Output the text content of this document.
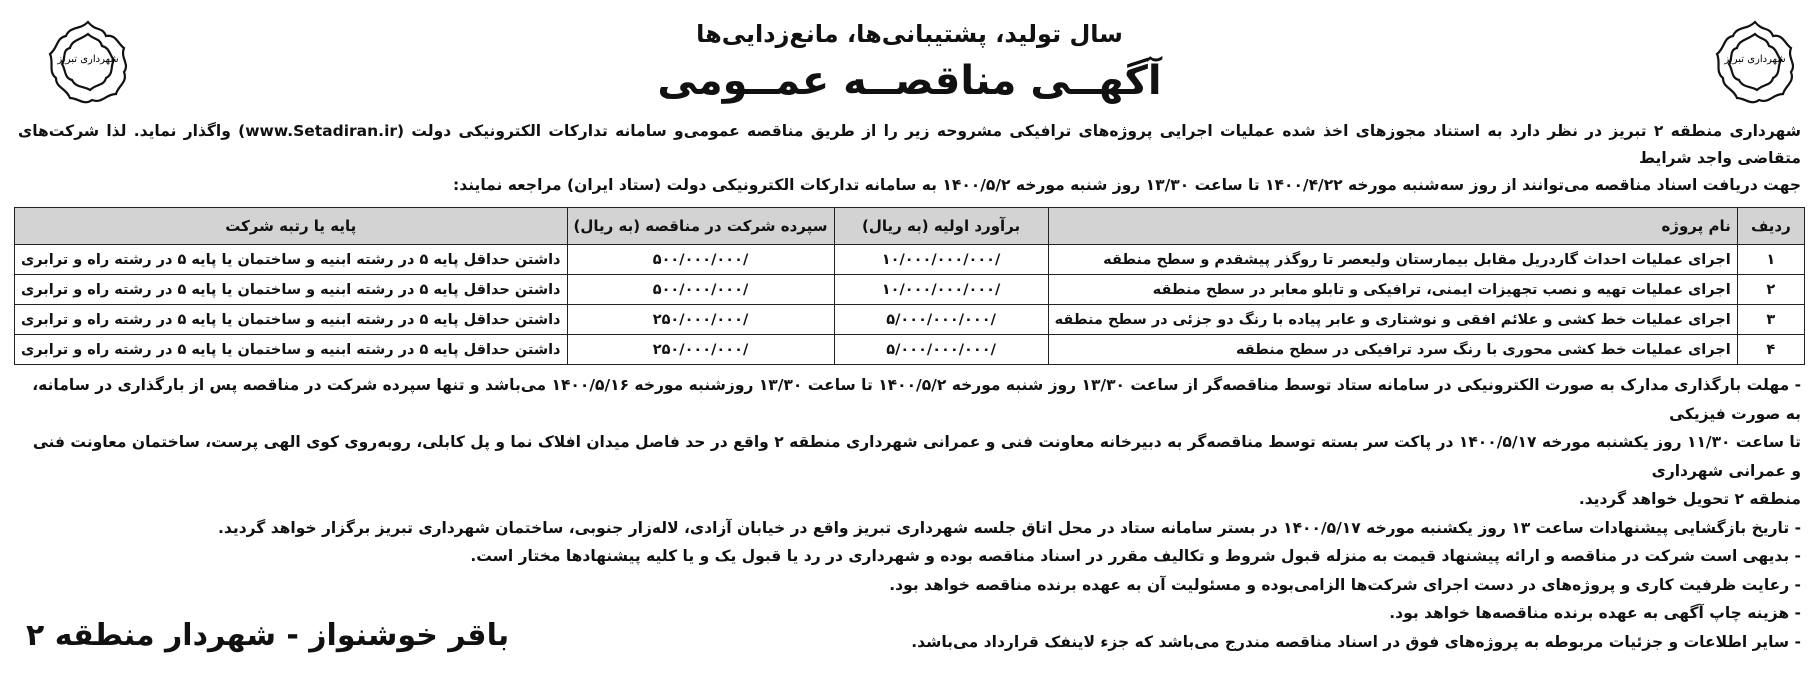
شهرداری تبریز
شهرداری تبریز
سال تولید، پشتیبانی‌ها، مانع‌زدایی‌ها
آگهــی مناقصــه عمــومی
شهرداری منطقه ۲ تبریز در نظر دارد به استناد مجوزهای اخذ شده عملیات اجرایی پروژه‌های ترافیکی مشروحه زیر را از طریق مناقصه عمومی‌و سامانه تدارکات الکترونیکی دولت (www.Setadiran.ir) واگذار نماید. لذا شرکت‌های متقاضی واجد شرایط
جهت دریافت اسناد مناقصه می‌توانند از روز سه‌شنبه مورخه ۱۴۰۰/۴/۲۲ تا ساعت ۱۳/۳۰ روز شنبه مورخه ۱۴۰۰/۵/۲ به سامانه تدارکات الکترونیکی دولت (ستاد ایران) مراجعه نمایند:
ردیف	نام پروژه	برآورد اولیه (به ریال)	سپرده شرکت در مناقصه (به ریال)	پایه یا رتبه شرکت
۱	اجرای عملیات احداث گاردریل مقابل بیمارستان ولیعصر تا روگذر پیشقدم و سطح منطقه	۱۰/۰۰۰/۰۰۰/۰۰۰/	۵۰۰/۰۰۰/۰۰۰/	داشتن حداقل پایه ۵ در رشته ابنیه و ساختمان یا پایه ۵ در رشته راه و ترابری
۲	اجرای عملیات تهیه و نصب تجهیزات ایمنی، ترافیکی و تابلو معابر در سطح منطقه	۱۰/۰۰۰/۰۰۰/۰۰۰/	۵۰۰/۰۰۰/۰۰۰/	داشتن حداقل پایه ۵ در رشته ابنیه و ساختمان یا پایه ۵ در رشته راه و ترابری
۳	اجرای عملیات خط کشی و علائم افقی و نوشتاری و عابر پیاده با رنگ دو جزئی در سطح منطقه	۵/۰۰۰/۰۰۰/۰۰۰/	۲۵۰/۰۰۰/۰۰۰/	داشتن حداقل پایه ۵ در رشته ابنیه و ساختمان یا پایه ۵ در رشته راه و ترابری
۴	اجرای عملیات خط کشی محوری با رنگ سرد ترافیکی در سطح منطقه	۵/۰۰۰/۰۰۰/۰۰۰/	۲۵۰/۰۰۰/۰۰۰/	داشتن حداقل پایه ۵ در رشته ابنیه و ساختمان یا پایه ۵ در رشته راه و ترابری

- مهلت بارگذاری مدارک به صورت الکترونیکی در سامانه ستاد توسط مناقصه‌گر از ساعت ۱۳/۳۰ روز شنبه مورخه ۱۴۰۰/۵/۲ تا ساعت ۱۳/۳۰ روزشنبه مورخه ۱۴۰۰/۵/۱۶ می‌باشد و تنها سپرده شرکت در مناقصه پس از بارگذاری در سامانه، به صورت فیزیکی

تا ساعت ۱۱/۳۰ روز یکشنبه مورخه ۱۴۰۰/۵/۱۷ در پاکت سر بسته توسط مناقصه‌گر به دبیرخانه معاونت فنی و عمرانی شهرداری منطقه ۲ واقع در حد فاصل میدان افلاک نما و پل کابلی، روبه‌روی کوی الهی پرست، ساختمان معاونت فنی و عمرانی شهرداری

منطقه ۲ تحویل خواهد گردید.

- تاریخ بازگشایی پیشنهادات ساعت ۱۳ روز یکشنبه مورخه ۱۴۰۰/۵/۱۷ در بستر سامانه ستاد در محل اتاق جلسه شهرداری تبریز واقع در خیابان آزادی، لاله‌زار جنوبی، ساختمان شهرداری تبریز برگزار خواهد گردید.

- بدیهی است شرکت در مناقصه و ارائه پیشنهاد قیمت به منزله قبول شروط و تکالیف مقرر در اسناد مناقصه بوده و شهرداری در رد یا قبول یک و یا کلیه پیشنهادها مختار است.

- رعایت ظرفیت کاری و پروژه‌های در دست اجرای شرکت‌ها الزامی‌بوده و مسئولیت آن به عهده برنده مناقصه خواهد بود.

- هزینه چاپ آگهی به عهده برنده مناقصه‌ها خواهد بود.

- سایر اطلاعات و جزئیات مربوطه به پروژه‌های فوق در اسناد مناقصه مندرج می‌باشد که جزء لاینفک قرارداد می‌باشد.

باقر خوشنواز - شهردار منطقه ۲
